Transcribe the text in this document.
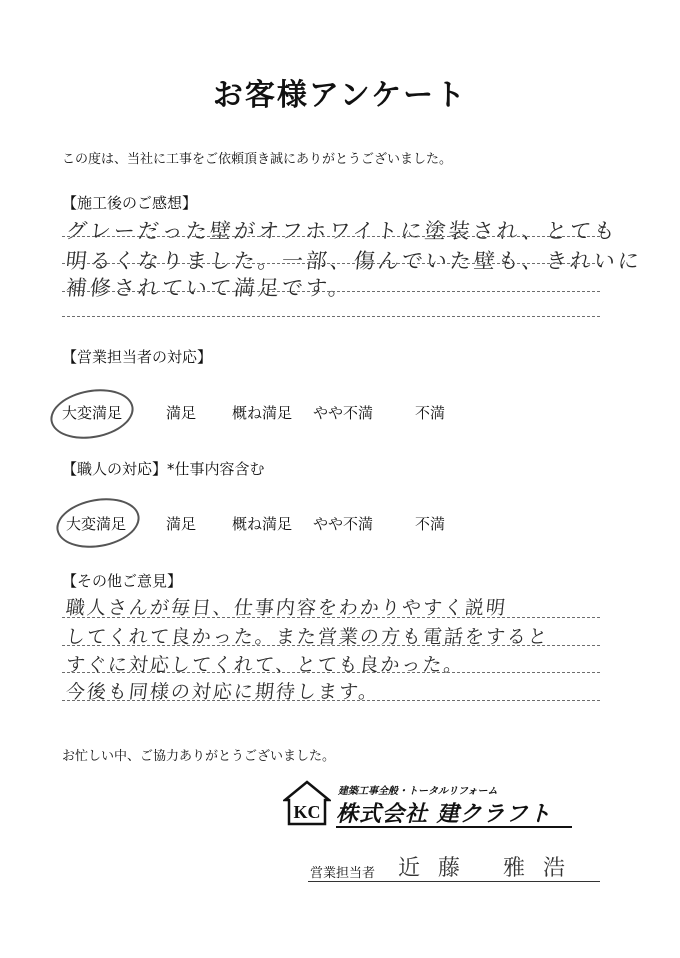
お客様アンケート
この度は、当社に工事をご依頼頂き誠にありがとうございました。
【施工後のご感想】
グレーだった壁がオフホワイトに塗装され、とても
明るくなりました。一部、傷んでいた壁も、きれいに
補修されていて満足です。
【営業担当者の対応】
大変満足	満足 概ね満足 やや不満	不満
【職人の対応】*仕事内容含む
大変満足	満足 概ね満足 やや不満	不満
【その他ご意見】
職人さんが毎日、仕事内容をわかりやすく説明
してくれて良かった。また営業の方も電話をすると
すぐに対応してくれて、とても良かった。
今後も同様の対応に期待します。
お忙しい中、ご協力ありがとうございました。
KC
建築工事全般・トータルリフォーム
株式会社 建クラフト
営業担当者 近藤 雅浩
